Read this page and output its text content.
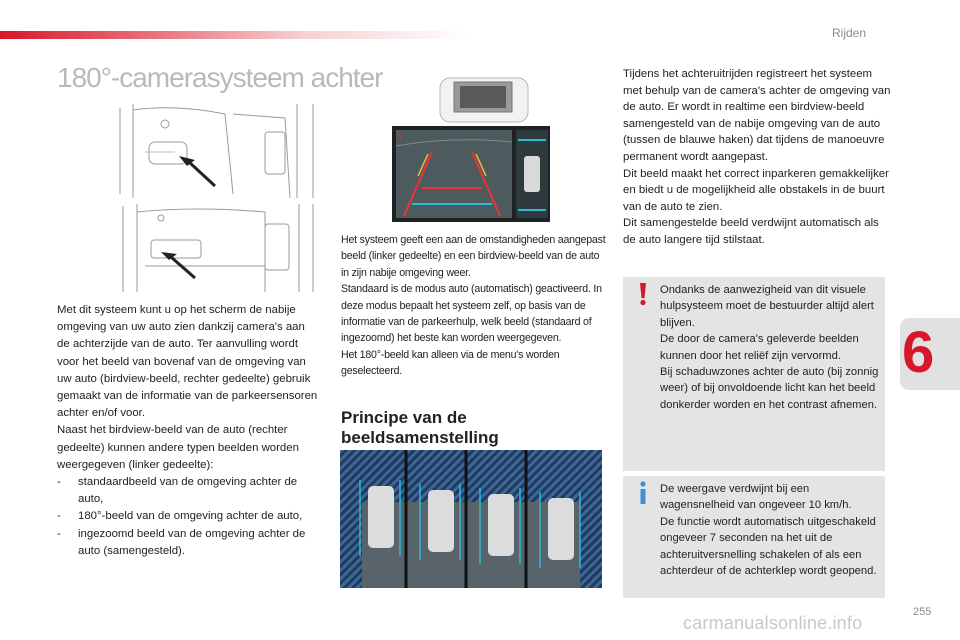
Rijden
6
180°-camerasysteem achter
x

Het systeem geeft een aan de omstandigheden aangepast beeld (linker gedeelte) en een birdview-beeld van de auto in zijn nabije omgeving weer.

Standaard is de modus auto (automatisch) geactiveerd. In deze modus bepaalt het systeem zelf, op basis van de informatie van de parkeerhulp, welk beeld (standaard of ingezoomd) het beste kan worden weergegeven.

Het 180°-beeld kan alleen via de menu's worden geselecteerd.

Met dit systeem kunt u op het scherm de nabije omgeving van uw auto zien dankzij camera's aan de achterzijde van de auto. Ter aanvulling wordt voor het beeld van bovenaf van de omgeving van uw auto (birdview-beeld, rechter gedeelte) gebruik gemaakt van de informatie van de parkeersensoren achter en/of voor.

Naast het birdview-beeld van de auto (rechter gedeelte) kunnen andere typen beelden worden weergegeven (linker gedeelte):

- standaardbeeld van de omgeving achter de auto,
- 180°-beeld van de omgeving achter de auto,
- ingezoomd beeld van de omgeving achter de auto (samengesteld).
Principe van de beeldsamenstelling

Tijdens het achteruitrijden registreert het systeem met behulp van de camera's achter de omgeving van de auto. Er wordt in realtime een birdview-beeld samengesteld van de nabije omgeving van de auto (tussen de blauwe haken) dat tijdens de manoeuvre permanent wordt aangepast.

Dit beeld maakt het correct inparkeren gemakkelijker en biedt u de mogelijkheid alle obstakels in de buurt van de auto te zien.

Dit samengestelde beeld verdwijnt automatisch als de auto langere tijd stilstaat.

Ondanks de aanwezigheid van dit visuele hulpsysteem moet de bestuurder altijd alert blijven.

De door de camera's geleverde beelden kunnen door het reliëf zijn vervormd.

Bij schaduwzones achter de auto (bij zonnig weer) of bij onvoldoende licht kan het beeld donkerder worden en het contrast afnemen.

De weergave verdwijnt bij een wagensnelheid van ongeveer 10 km/h.

De functie wordt automatisch uitgeschakeld ongeveer 7 seconden na het uit de achteruitversnelling schakelen of als een achterdeur of de achterklep wordt geopend.

255
carmanualsonline.info
